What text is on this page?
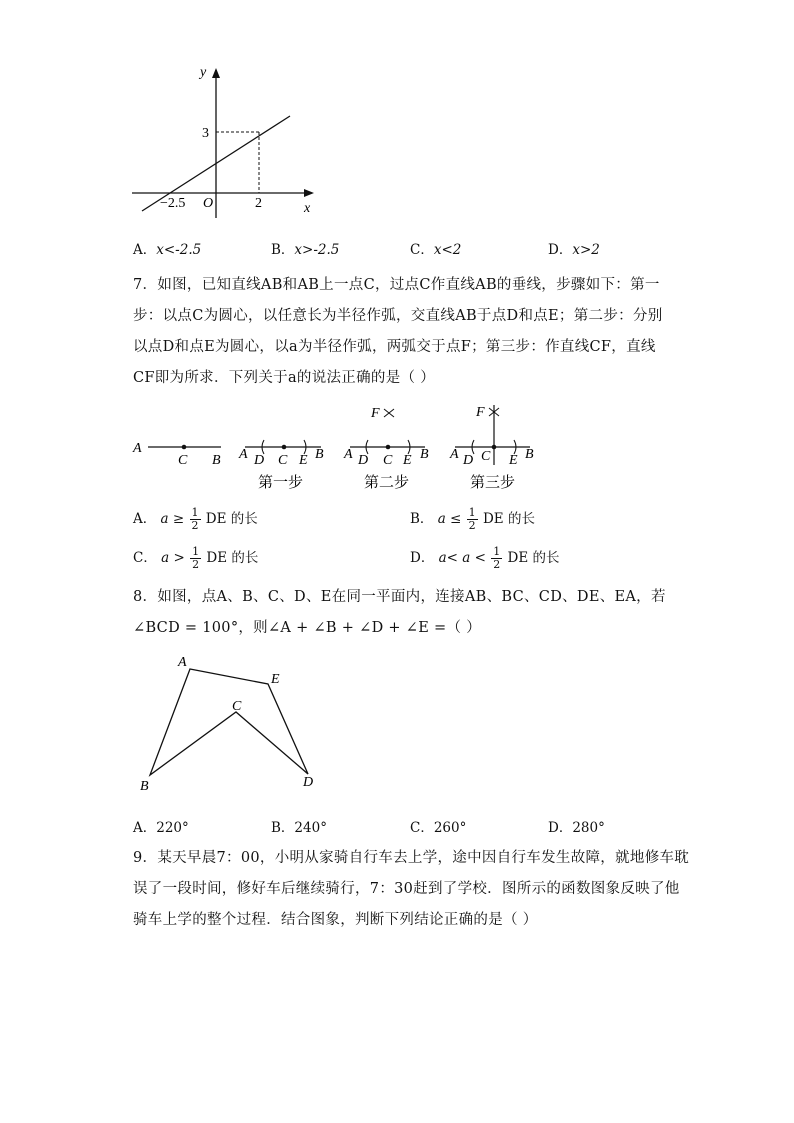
y
x
O
3
−2.5	2
A．x<-2.5	B．x>-2.5	C．x<2	D．x>2
7．如图，已知直线AB和AB上一点C，过点C作直线AB的垂线，步骤如下：第一
步：以点C为圆心，以任意长为半径作弧，交直线AB于点D和点E；第二步：分别
以点D和点E为圆心，以a为半径作弧，两弧交于点F；第三步：作直线CF，直线
CF即为所求．下列关于a的说法正确的是（ ）
A
C B A D C E B
第一步
F
A D C E B
第二步
F
A D C E B
第三步
A． $a \ge \frac{1}{2}$ DE 的长	B． $a \le \frac{1}{2}$ DE 的长
C． $a > \frac{1}{2}$ DE 的长	D． $a< a < \frac{1}{2}$ DE 的长
8．如图，点A、B、C、D、E在同一平面内，连接AB、BC、CD、DE、EA，若
∠BCD = 100°，则∠A + ∠B + ∠D + ∠E =（ ）
A
E
C
D
B
A．220°	B．240°	C．260°	D．280°
9．某天早晨7：00，小明从家骑自行车去上学，途中因自行车发生故障，就地修车耽
误了一段时间，修好车后继续骑行，7：30赶到了学校．图所示的函数图象反映了他
骑车上学的整个过程．结合图象，判断下列结论正确的是（ ）
